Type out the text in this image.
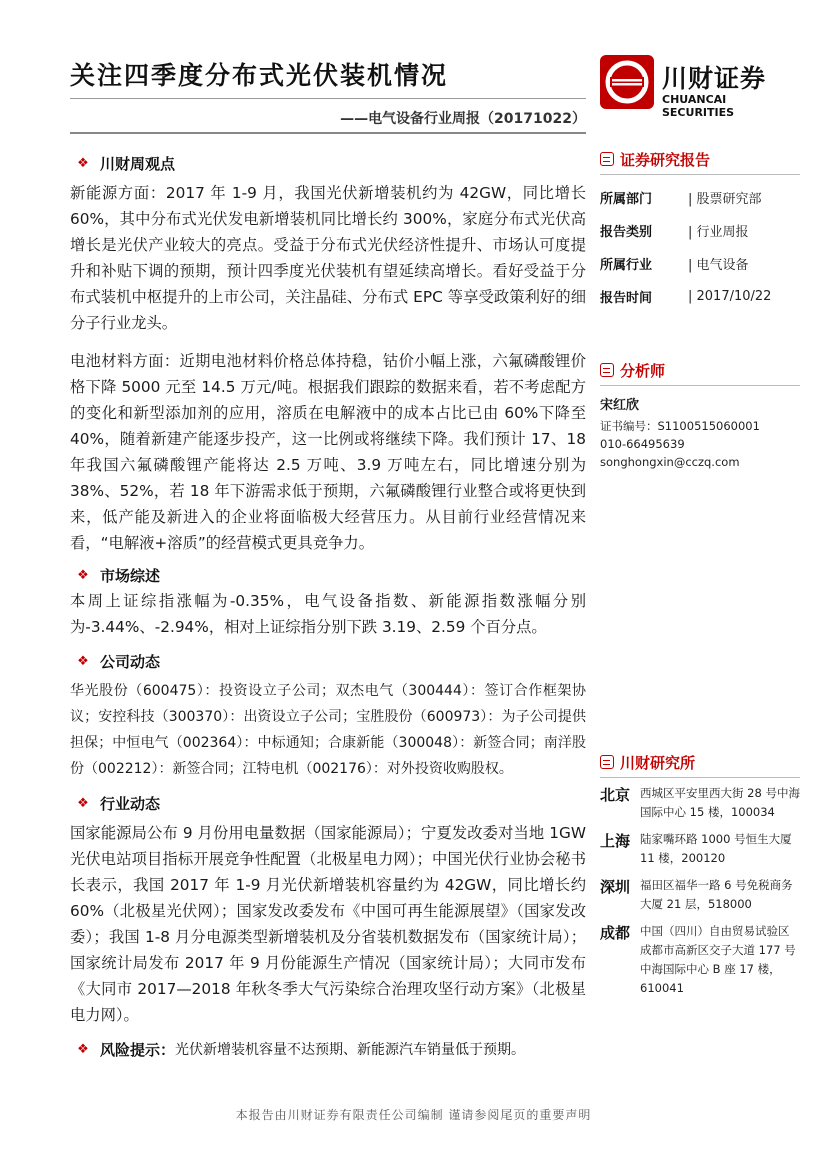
关注四季度分布式光伏装机情况
——电气设备行业周报（20171022）
川财证券
CHUANCAI SECURITIES
❖ 川财周观点

新能源方面：2017 年 1-9 月，我国光伏新增装机约为 42GW，同比增长 60%，其中分布式光伏发电新增装机同比增长约 300%，家庭分布式光伏高增长是光伏产业较大的亮点。受益于分布式光伏经济性提升、市场认可度提升和补贴下调的预期，预计四季度光伏装机有望延续高增长。看好受益于分布式装机中枢提升的上市公司，关注晶硅、分布式 EPC 等享受政策利好的细分子行业龙头。

电池材料方面：近期电池材料价格总体持稳，钴价小幅上涨，六氟磷酸锂价格下降 5000 元至 14.5 万元/吨。根据我们跟踪的数据来看，若不考虑配方的变化和新型添加剂的应用，溶质在电解液中的成本占比已由 60%下降至 40%，随着新建产能逐步投产，这一比例或将继续下降。我们预计 17、18 年我国六氟磷酸锂产能将达 2.5 万吨、3.9 万吨左右，同比增速分别为 38%、52%，若 18 年下游需求低于预期，六氟磷酸锂行业整合或将更快到来，低产能及新进入的企业将面临极大经营压力。从目前行业经营情况来看，“电解液+溶质”的经营模式更具竞争力。

❖ 市场综述

本周上证综指涨幅为-0.35%，电气设备指数、新能源指数涨幅分别为-3.44%、-2.94%，相对上证综指分别下跌 3.19、2.59 个百分点。

❖ 公司动态

华光股份（600475）：投资设立子公司；双杰电气（300444）：签订合作框架协议；安控科技（300370）：出资设立子公司；宝胜股份（600973）：为子公司提供担保；中恒电气（002364）：中标通知；合康新能（300048）：新签合同；南洋股份（002212）：新签合同；江特电机（002176）：对外投资收购股权。

❖ 行业动态

国家能源局公布 9 月份用电量数据（国家能源局）；宁夏发改委对当地 1GW 光伏电站项目指标开展竞争性配置（北极星电力网）；中国光伏行业协会秘书长表示，我国 2017 年 1-9 月光伏新增装机容量约为 42GW，同比增长约 60%（北极星光伏网）；国家发改委发布《中国可再生能源展望》（国家发改委）；我国 1-8 月分电源类型新增装机及分省装机数据发布（国家统计局）；国家统计局发布 2017 年 9 月份能源生产情况（国家统计局）；大同市发布《大同市 2017—2018 年秋冬季大气污染综合治理攻坚行动方案》（北极星电力网）。

❖ 风险提示： 光伏新增装机容量不达预期、新能源汽车销量低于预期。
证券研究报告
所属部门	| 股票研究部
报告类别	| 行业周报
所属行业	| 电气设备
报告时间	| 2017/10/22
分析师
宋红欣
证书编号：S1100515060001
010-66495639
songhongxin@cczq.com
川财研究所
北京 西城区平安里西大街 28 号中海国际中心 15 楼，100034
上海 陆家嘴环路 1000 号恒生大厦 11 楼，200120
深圳 福田区福华一路 6 号免税商务大厦 21 层，518000
成都 中国（四川）自由贸易试验区成都市高新区交子大道 177 号中海国际中心 B 座 17 楼，610041
本报告由川财证券有限责任公司编制 谨请参阅尾页的重要声明
